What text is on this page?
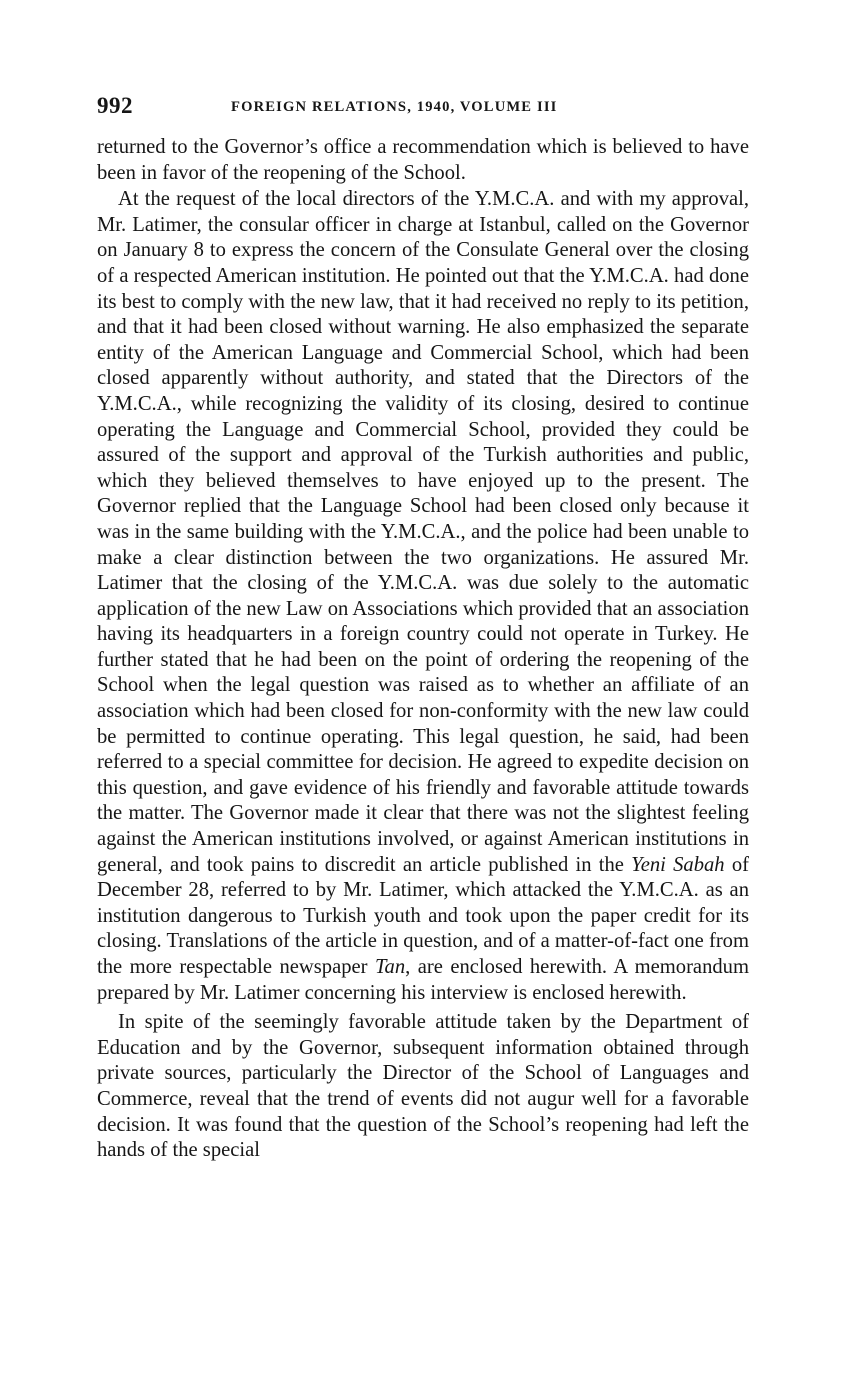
992	FOREIGN RELATIONS, 1940, VOLUME III

returned to the Governor’s office a recommendation which is believed to have been in favor of the reopening of the School.

At the request of the local directors of the Y.M.C.A. and with my approval, Mr. Latimer, the consular officer in charge at Istanbul, called on the Governor on January 8 to express the concern of the Consulate General over the closing of a respected American institution. He pointed out that the Y.M.C.A. had done its best to comply with the new law, that it had received no reply to its petition, and that it had been closed without warning. He also emphasized the separate entity of the American Language and Commercial School, which had been closed apparently without authority, and stated that the Directors of the Y.M.C.A., while recognizing the validity of its closing, desired to continue operating the Language and Commercial School, provided they could be assured of the support and approval of the Turkish authorities and public, which they believed themselves to have enjoyed up to the present. The Governor replied that the Language School had been closed only because it was in the same building with the Y.M.C.A., and the police had been unable to make a clear distinction between the two organizations. He assured Mr. Latimer that the closing of the Y.M.C.A. was due solely to the automatic application of the new Law on Associations which provided that an association having its headquarters in a foreign country could not operate in Turkey. He further stated that he had been on the point of ordering the reopening of the School when the legal question was raised as to whether an affiliate of an association which had been closed for non-conformity with the new law could be permitted to continue operating. This legal question, he said, had been referred to a special committee for decision. He agreed to expedite decision on this question, and gave evidence of his friendly and favorable attitude towards the matter. The Governor made it clear that there was not the slightest feeling against the American institutions involved, or against American institutions in general, and took pains to discredit an article published in the Yeni Sabah of December 28, referred to by Mr. Latimer, which attacked the Y.M.C.A. as an institution dangerous to Turkish youth and took upon the paper credit for its closing. Translations of the article in question, and of a matter-of-fact one from the more respectable newspaper Tan, are enclosed herewith. A memorandum prepared by Mr. Latimer concerning his interview is enclosed herewith.

In spite of the seemingly favorable attitude taken by the Department of Education and by the Governor, subsequent information obtained through private sources, particularly the Director of the School of Languages and Commerce, reveal that the trend of events did not augur well for a favorable decision. It was found that the question of the School’s reopening had left the hands of the special
